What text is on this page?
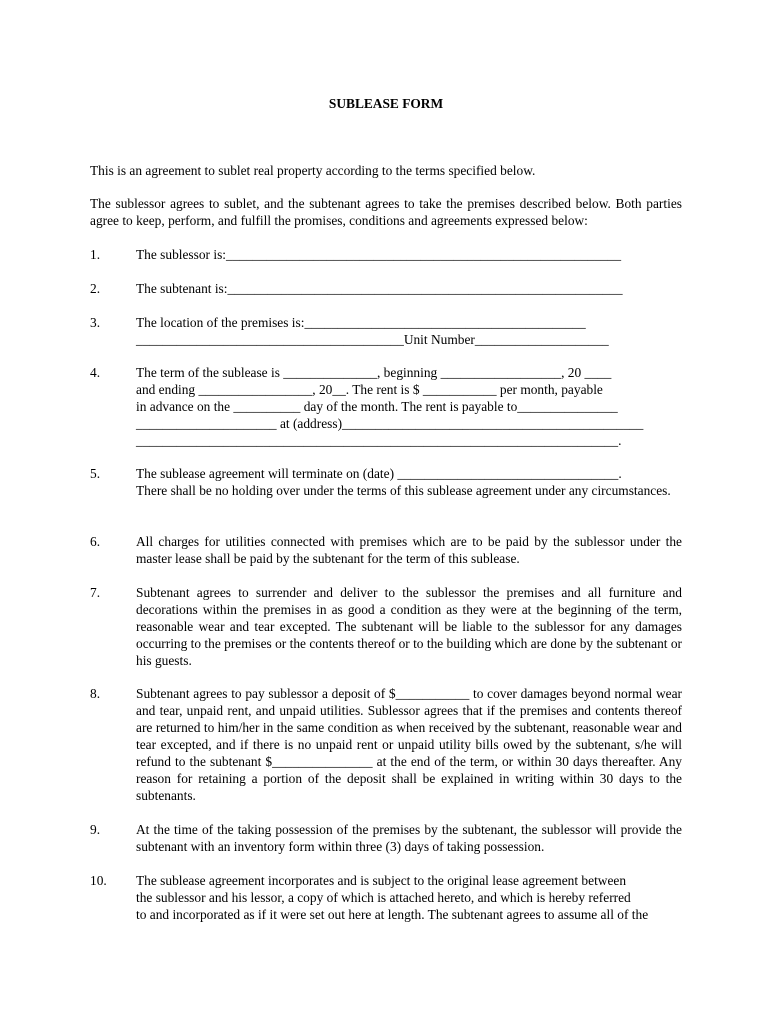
SUBLEASE FORM
This is an agreement to sublet real property according to the terms specified below.
The sublessor agrees to sublet, and the subtenant agrees to take the premises described below. Both parties agree to keep, perform, and fulfill the promises, conditions and agreements expressed below:
1.	The sublessor is:___________________________________________________________
2.	The subtenant is:___________________________________________________________
3.	The location of the premises is:__________________________________________
________________________________________Unit Number____________________
4.	The term of the sublease is ______________, beginning __________________, 20 ____
and ending _________________, 20__. The rent is $ ___________ per month, payable
in advance on the __________ day of the month. The rent is payable to_______________
_____________________ at (address)_____________________________________________
________________________________________________________________________.
5.	The sublease agreement will terminate on (date) _________________________________.
There shall be no holding over under the terms of this sublease agreement under any circumstances.
6.	All charges for utilities connected with premises which are to be paid by the sublessor under the master lease shall be paid by the subtenant for the term of this sublease.
7.	Subtenant agrees to surrender and deliver to the sublessor the premises and all furniture and decorations within the premises in as good a condition as they were at the beginning of the term, reasonable wear and tear excepted. The subtenant will be liable to the sublessor for any damages occurring to the premises or the contents thereof or to the building which are done by the subtenant or his guests.
8.	Subtenant agrees to pay sublessor a deposit of $___________ to cover damages beyond normal wear and tear, unpaid rent, and unpaid utilities. Sublessor agrees that if the premises and contents thereof are returned to him/her in the same condition as when received by the subtenant, reasonable wear and tear excepted, and if there is no unpaid rent or unpaid utility bills owed by the subtenant, s/he will refund to the subtenant $_______________ at the end of the term, or within 30 days thereafter. Any reason for retaining a portion of the deposit shall be explained in writing within 30 days to the subtenants.
9.	At the time of the taking possession of the premises by the subtenant, the sublessor will provide the subtenant with an inventory form within three (3) days of taking possession.
10.	The sublease agreement incorporates and is subject to the original lease agreement between
the sublessor and his lessor, a copy of which is attached hereto, and which is hereby referred
to and incorporated as if it were set out here at length. The subtenant agrees to assume all of the
